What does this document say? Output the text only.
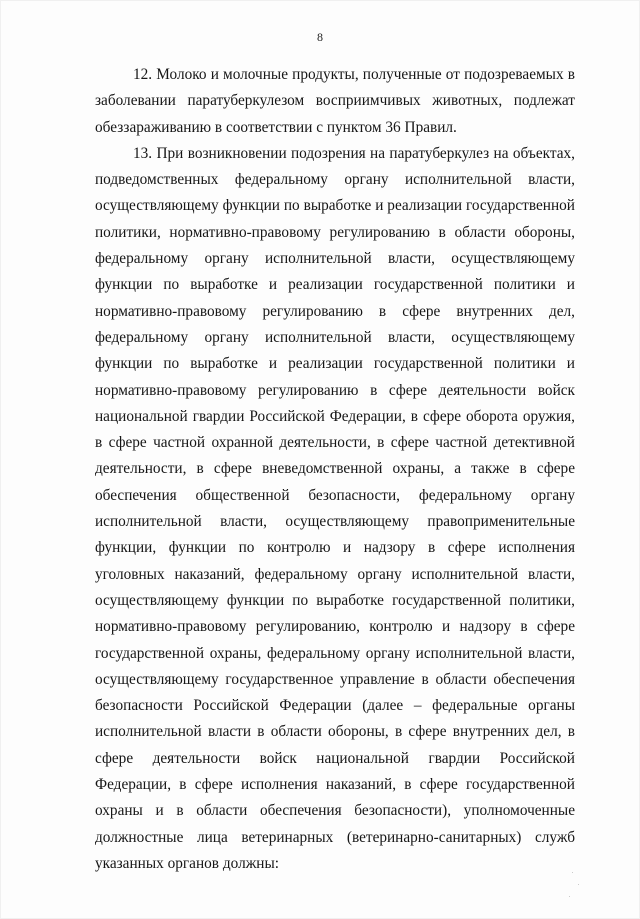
8

12. Молоко и молочные продукты, полученные от подозреваемых в заболевании паратуберкулезом восприимчивых животных, подлежат обеззараживанию в соответствии с пунктом 36 Правил.

13. При возникновении подозрения на паратуберкулез на объектах, подведомственных федеральному органу исполнительной власти, осуществляющему функции по выработке и реализации государственной политики, нормативно-правовому регулированию в области обороны, федеральному органу исполнительной власти, осуществляющему функции по выработке и реализации государственной политики и нормативно-правовому регулированию в сфере внутренних дел, федеральному органу исполнительной власти, осуществляющему функции по выработке и реализации государственной политики и нормативно-правовому регулированию в сфере деятельности войск национальной гвардии Российской Федерации, в сфере оборота оружия, в сфере частной охранной деятельности, в сфере частной детективной деятельности, в сфере вневедомственной охраны, а также в сфере обеспечения общественной безопасности, федеральному органу исполнительной власти, осуществляющему правоприменительные функции, функции по контролю и надзору в сфере исполнения уголовных наказаний, федеральному органу исполнительной власти, осуществляющему функции по выработке государственной политики, нормативно-правовому регулированию, контролю и надзору в сфере государственной охраны, федеральному органу исполнительной власти, осуществляющему государственное управление в области обеспечения безопасности Российской Федерации (далее – федеральные органы исполнительной власти в области обороны, в сфере внутренних дел, в сфере деятельности войск национальной гвардии Российской Федерации, в сфере исполнения наказаний, в сфере государственной охраны и в области обеспечения безопасности), уполномоченные должностные лица ветеринарных (ветеринарно-санитарных) служб указанных органов должны:
